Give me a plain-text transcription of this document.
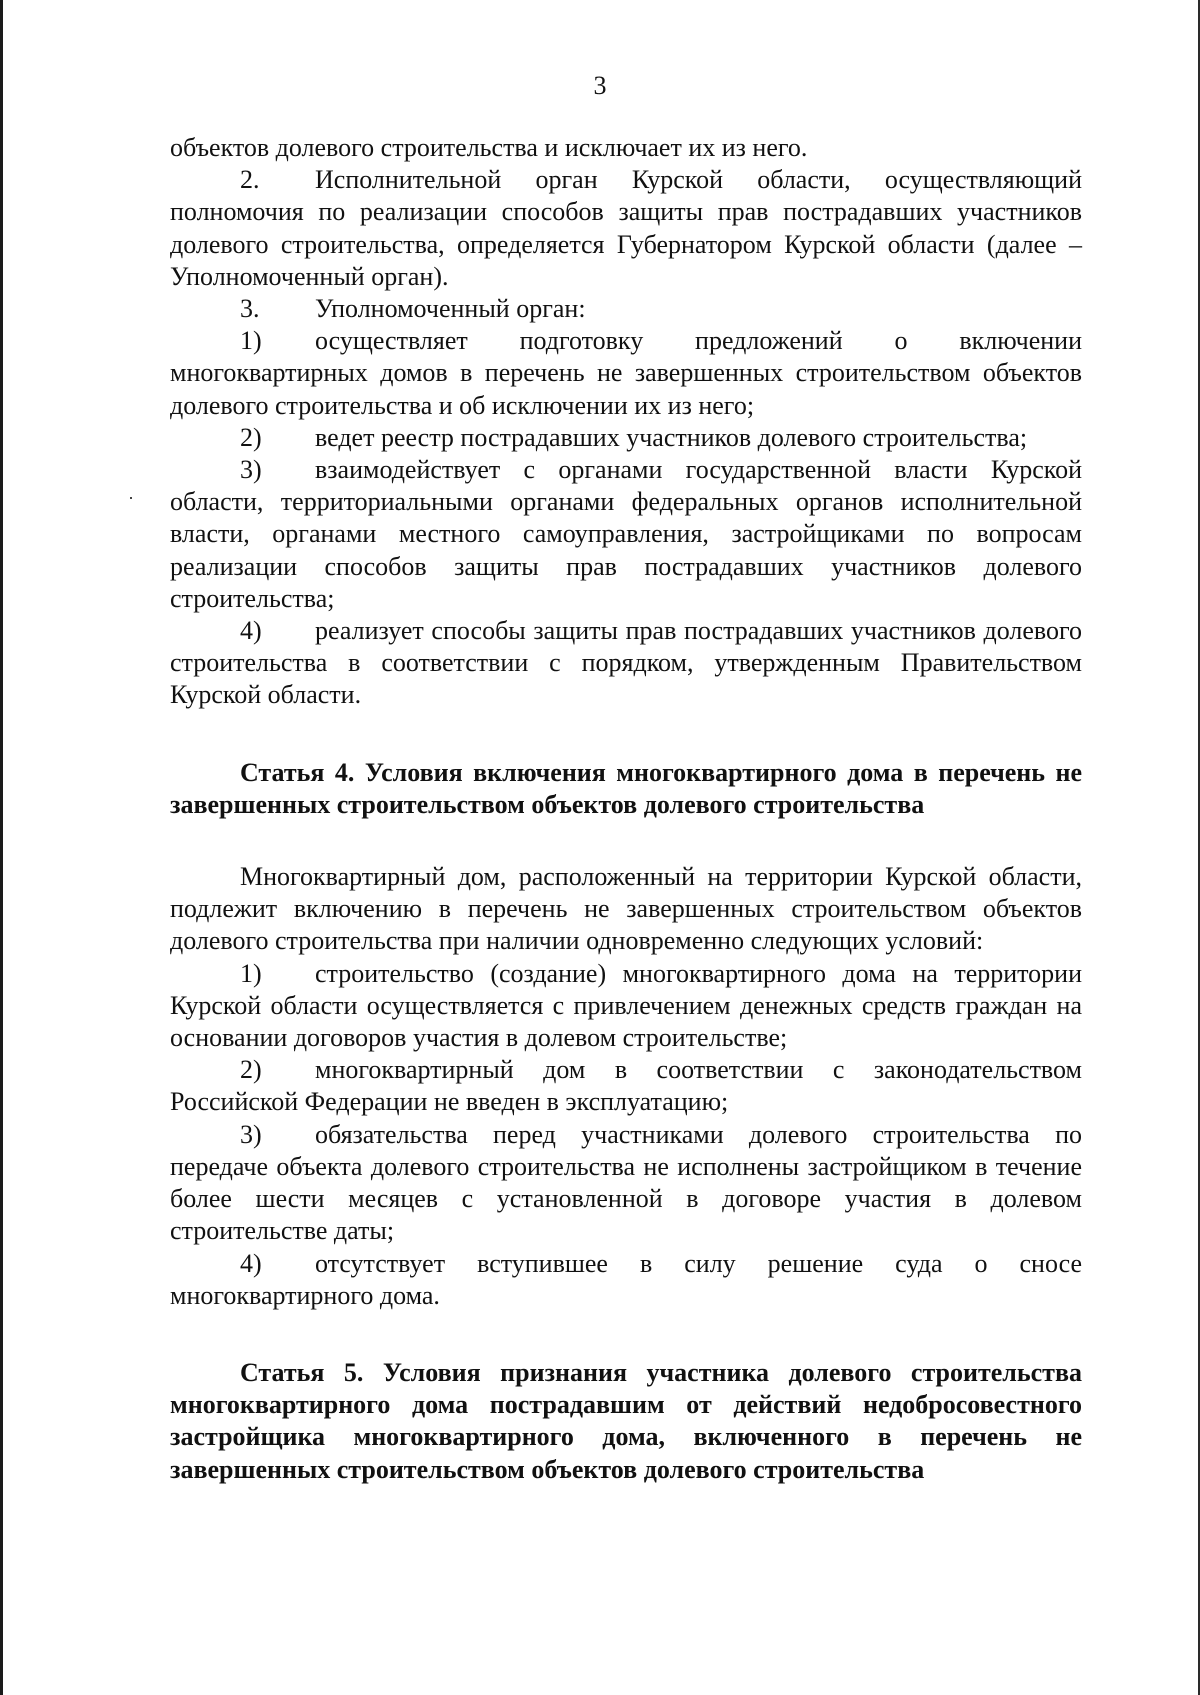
3

объектов долевого строительства и исключает их из него.

2. Исполнительной орган Курской области, осуществляющий полномочия по реализации способов защиты прав пострадавших участников долевого строительства, определяется Губернатором Курской области (далее – Уполномоченный орган).

3. Уполномоченный орган:

1) осуществляет подготовку предложений о включении многоквартирных домов в перечень не завершенных строительством объектов долевого строительства и об исключении их из него;

2) ведет реестр пострадавших участников долевого строительства;

3) взаимодействует с органами государственной власти Курской области, территориальными органами федеральных органов исполнительной власти, органами местного самоуправления, застройщиками по вопросам реализации способов защиты прав пострадавших участников долевого строительства;

4) реализует способы защиты прав пострадавших участников долевого строительства в соответствии с порядком, утвержденным Правительством Курской области.

Статья 4. Условия включения многоквартирного дома в перечень не завершенных строительством объектов долевого строительства

Многоквартирный дом, расположенный на территории Курской области, подлежит включению в перечень не завершенных строительством объектов долевого строительства при наличии одновременно следующих условий:

1) строительство (создание) многоквартирного дома на территории Курской области осуществляется с привлечением денежных средств граждан на основании договоров участия в долевом строительстве;

2) многоквартирный дом в соответствии с законодательством Российской Федерации не введен в эксплуатацию;

3) обязательства перед участниками долевого строительства по передаче объекта долевого строительства не исполнены застройщиком в течение более шести месяцев с установленной в договоре участия в долевом строительстве даты;

4) отсутствует вступившее в силу решение суда о сносе многоквартирного дома.

Статья 5. Условия признания участника долевого строительства многоквартирного дома пострадавшим от действий недобросовестного застройщика многоквартирного дома, включенного в перечень не завершенных строительством объектов долевого строительства
